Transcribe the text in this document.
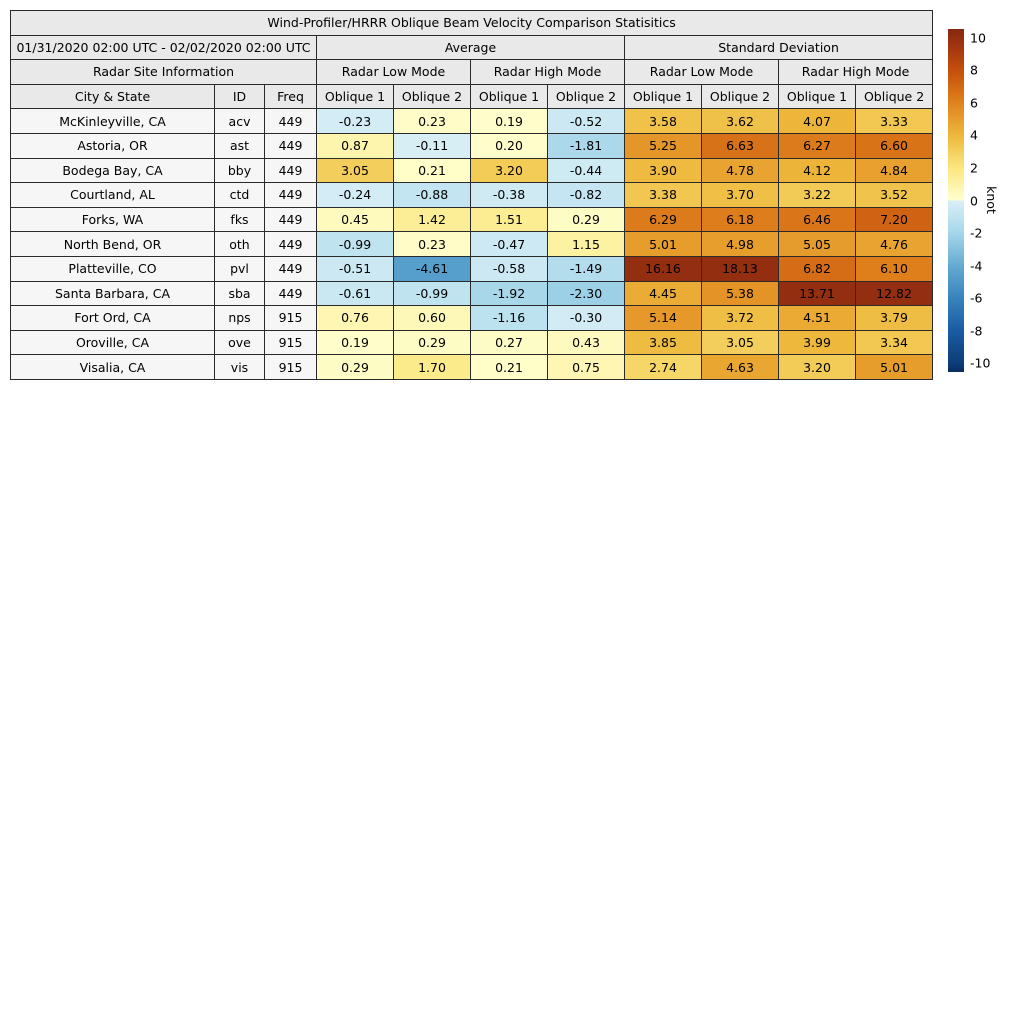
Wind-Profiler/HRRR Oblique Beam Velocity Comparison Statisitics										
01/31/2020 02:00 UTC - 02/02/2020 02:00 UTC			Average				Standard Deviation			
Radar Site Information			Radar Low Mode		Radar High Mode		Radar Low Mode		Radar High Mode	
City & State	ID	Freq	Oblique 1	Oblique 2	Oblique 1	Oblique 2	Oblique 1	Oblique 2	Oblique 1	Oblique 2
McKinleyville, CA	acv	449	-0.23	0.23	0.19	-0.52	3.58	3.62	4.07	3.33
Astoria, OR	ast	449	0.87	-0.11	0.20	-1.81	5.25	6.63	6.27	6.60
Bodega Bay, CA	bby	449	3.05	0.21	3.20	-0.44	3.90	4.78	4.12	4.84
Courtland, AL	ctd	449	-0.24	-0.88	-0.38	-0.82	3.38	3.70	3.22	3.52
Forks, WA	fks	449	0.45	1.42	1.51	0.29	6.29	6.18	6.46	7.20
North Bend, OR	oth	449	-0.99	0.23	-0.47	1.15	5.01	4.98	5.05	4.76
Platteville, CO	pvl	449	-0.51	-4.61	-0.58	-1.49	16.16	18.13	6.82	6.10
Santa Barbara, CA	sba	449	-0.61	-0.99	-1.92	-2.30	4.45	5.38	13.71	12.82
Fort Ord, CA	nps	915	0.76	0.60	-1.16	-0.30	5.14	3.72	4.51	3.79
Oroville, CA	ove	915	0.19	0.29	0.27	0.43	3.85	3.05	3.99	3.34
Visalia, CA	vis	915	0.29	1.70	0.21	0.75	2.74	4.63	3.20	5.01
10
8
6
4
2
0
-2
-4
-6
-8
-10
knot
